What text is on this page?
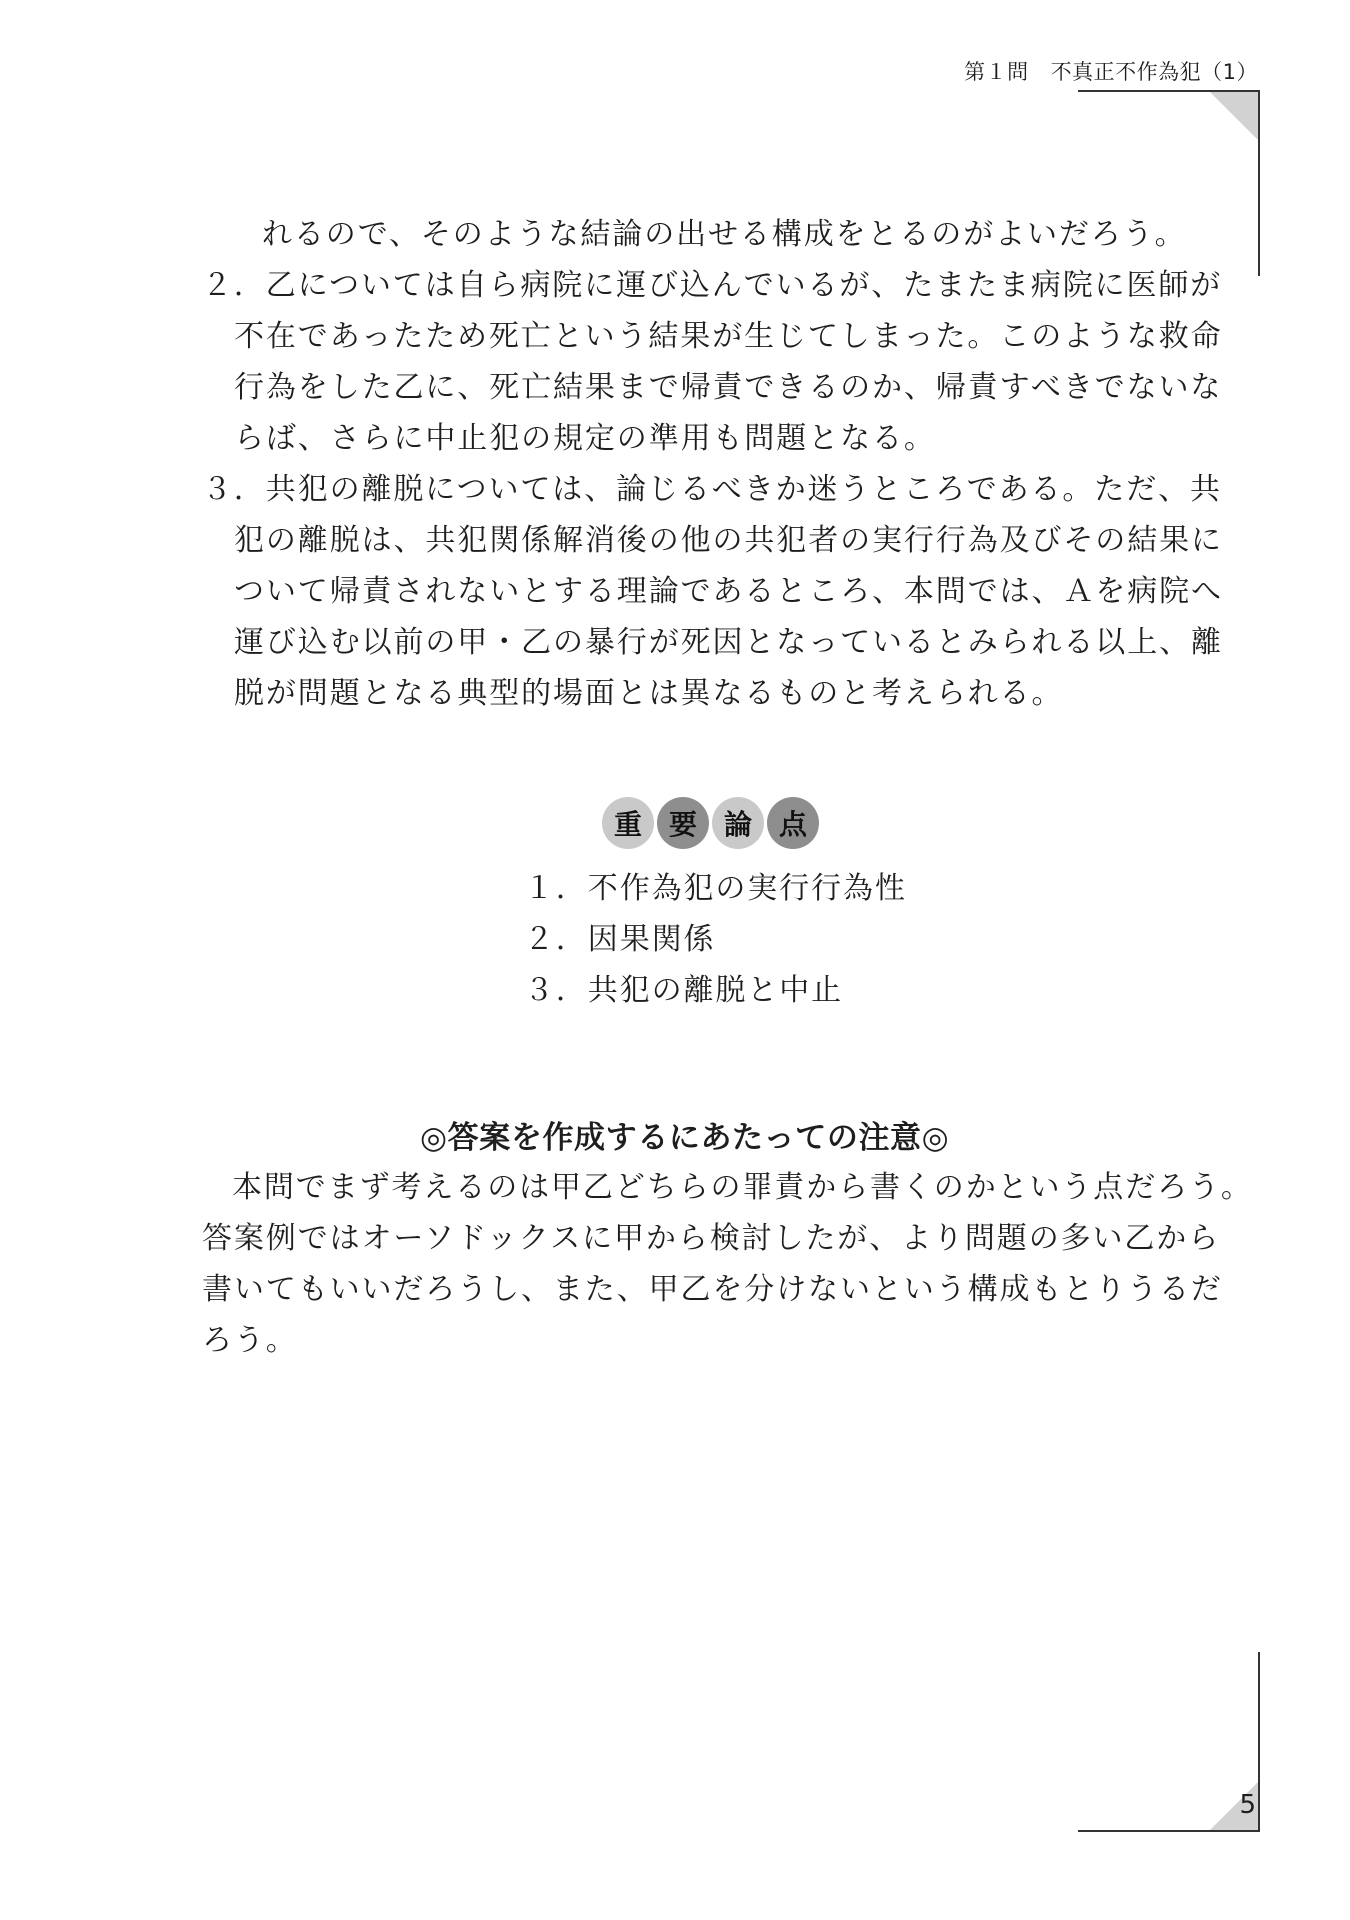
第１問 不真正不作為犯（1）
れるので、そのような結論の出せる構成をとるのがよいだろう。
２．乙については自ら病院に運び込んでいるが、たまたま病院に医師が
不在であったため死亡という結果が生じてしまった。このような救命
行為をした乙に、死亡結果まで帰責できるのか、帰責すべきでないな
らば、さらに中止犯の規定の準用も問題となる。
３．共犯の離脱については、論じるべきか迷うところである。ただ、共
犯の離脱は、共犯関係解消後の他の共犯者の実行行為及びその結果に
ついて帰責されないとする理論であるところ、本問では、Ａを病院へ
運び込む以前の甲・乙の暴行が死因となっているとみられる以上、離
脱が問題となる典型的場面とは異なるものと考えられる。
重 要 論 点
１．不作為犯の実行行為性
２．因果関係
３．共犯の離脱と中止
◎答案を作成するにあたっての注意◎
本問でまず考えるのは甲乙どちらの罪責から書くのかという点だろう。
答案例ではオーソドックスに甲から検討したが、より問題の多い乙から
書いてもいいだろうし、また、甲乙を分けないという構成もとりうるだ
ろう。
5
